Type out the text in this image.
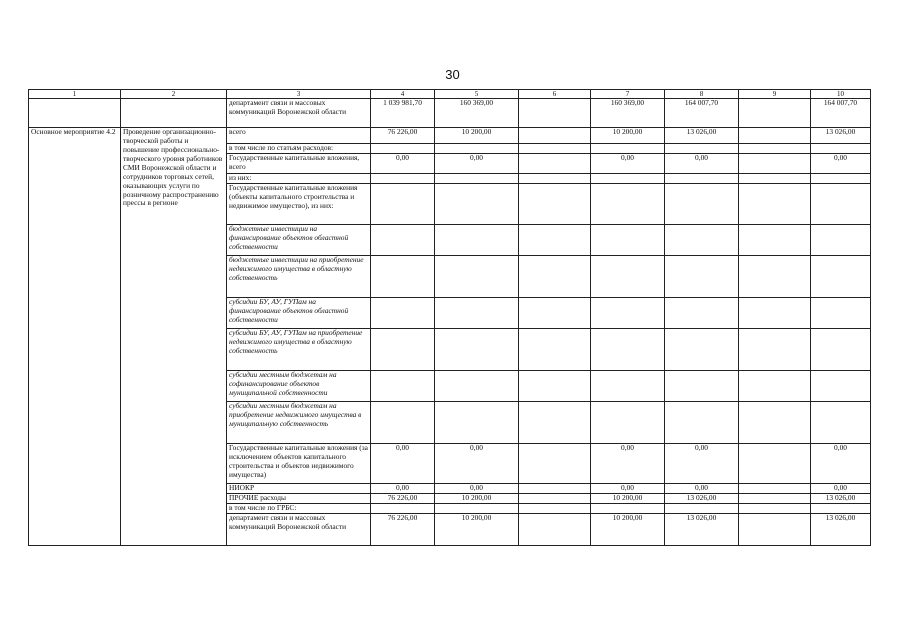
30
1	2	3	4	5	6	7	8	9	10
		департамент связи и массовых коммуникаций Воронежской области	1 039 981,70	160 369,00		160 369,00	164 007,70		164 007,70
Основное мероприятие 4.2	Проведение организационно-творческой работы и повышение профессионально-творческого уровня работников СМИ Воронежской области и сотрудников торговых сетей, оказывающих услуги по розничному распространению прессы в регионе	всего	76 226,00	10 200,00		10 200,00	13 026,00		13 026,00
		в том числе по статьям расходов:							
		Государственные капитальные вложения, всего	0,00	0,00		0,00	0,00		0,00
		из них:							
		Государственные капитальные вложения (объекты капитального строительства и недвижимое имущество), из них:							
		бюджетные инвестиции на финансирование объектов областной собственности							
		бюджетные инвестиции на приобретение недвижимого имущества в областную собственность							
		субсидии БУ, АУ, ГУПам на финансирование объектов областной собственности							
		субсидии БУ, АУ, ГУПам на приобретение недвижимого имущества в областную собственность							
		субсидии местным бюджетам на софинансирование объектов муниципальной собственности							
		субсидии местным бюджетам на приобретение недвижимого имущества в муниципальную собственность							
		Государственные капитальные вложения (за исключением объектов капитального строительства и объектов недвижимого имущества)	0,00	0,00		0,00	0,00		0,00
		НИОКР	0,00	0,00		0,00	0,00		0,00
		ПРОЧИЕ расходы	76 226,00	10 200,00		10 200,00	13 026,00		13 026,00
		в том числе по ГРБС:							
		департамент связи и массовых коммуникаций Воронежской области	76 226,00	10 200,00		10 200,00	13 026,00		13 026,00
